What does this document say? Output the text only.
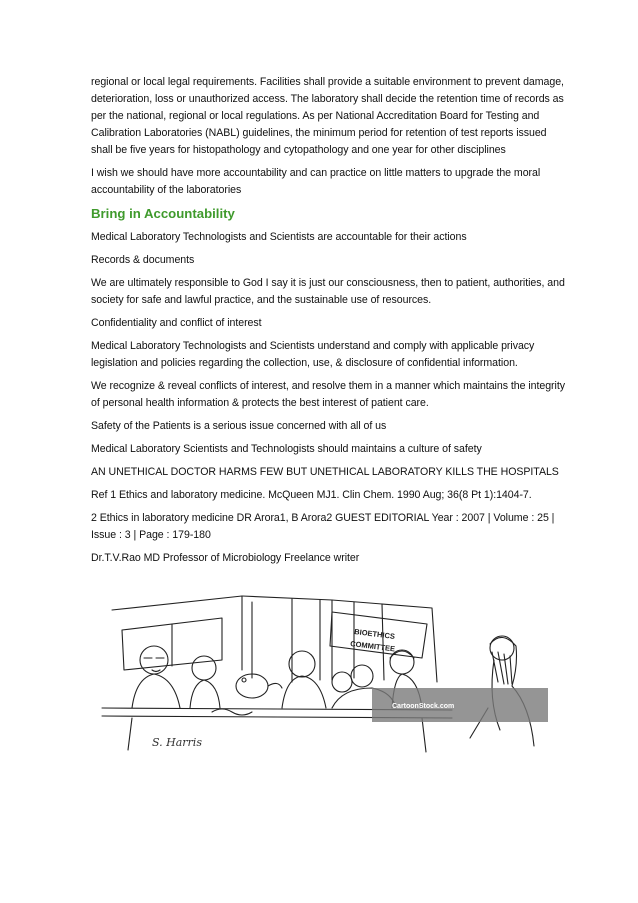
regional or local legal requirements. Facilities shall provide a suitable environment to prevent damage, deterioration, loss or unauthorized access. The laboratory shall decide the retention time of records as per the national, regional or local regulations. As per National Accreditation Board for Testing and Calibration Laboratories (NABL) guidelines, the minimum period for retention of test reports issued shall be five years for histopathology and cytopathology and one year for other disciplines

I wish we should have more accountability and can practice on little matters to upgrade the moral accountability of the laboratories

Bring in Accountability

Medical Laboratory Technologists and Scientists are accountable for their actions

Records & documents

We are ultimately responsible to God I say it is just our consciousness, then to patient, authorities, and society for safe and lawful practice, and the sustainable use of resources.

Confidentiality and conflict of interest

Medical Laboratory Technologists and Scientists understand and comply with applicable privacy legislation and policies regarding the collection, use, & disclosure of confidential information.

We recognize & reveal conflicts of interest, and resolve them in a manner which maintains the integrity of personal health information & protects the best interest of patient care.

Safety of the Patients is a serious issue concerned with all of us

Medical Laboratory Scientists and Technologists should maintains a culture of safety

AN UNETHICAL DOCTOR HARMS FEW BUT UNETHICAL LABORATORY KILLS THE HOSPITALS

Ref 1 Ethics and laboratory medicine. McQueen MJ1. Clin Chem. 1990 Aug; 36(8 Pt 1):1404-7.

2 Ethics in laboratory medicine DR Arora1, B Arora2 GUEST EDITORIAL Year : 2007 | Volume : 25 | Issue : 3 | Page : 179-180

Dr.T.V.Rao MD Professor of Microbiology Freelance writer

BIOETHICS
COMMITTEE
CartoonStock.com
S. Harris
